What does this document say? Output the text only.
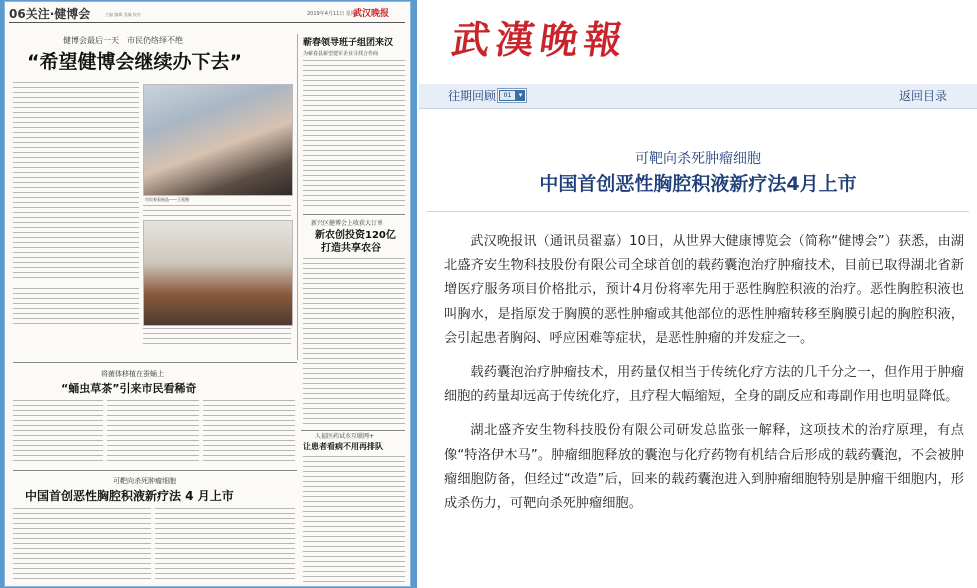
06关注·健博会	主编 编辑 美编 校对	2019年4月11日 星期四
武汉晚报
健博会最后一天　市民仍络绎不绝
“希望健博会继续办下去”
市民观看展品——王延摄
蕲春领导班子组团来汉
为蕲春县新型建军企业寻找合作商
新兴区健博会上收获大订单
新农创投资120亿
打造共享农谷
将菌体移植在蚕蛹上
“蛹虫草茶”引来市民看稀奇
人福医药试水互联网+
让患者看病不用再排队
可靶向杀死肿瘤细胞
中国首创恶性胸腔积液新疗法 4 月上市
武漢晚報
往期回顾	01	▾	返回目录
可靶向杀死肿瘤细胞
中国首创恶性胸腔积液新疗法4月上市

武汉晚报讯（通讯员翟嘉）10日，从世界大健康博览会（简称“健博会”）获悉，由湖北盛齐安生物科技股份有限公司全球首创的载药囊泡治疗肿瘤技术，目前已取得湖北省新增医疗服务项目价格批示，预计4月份将率先用于恶性胸腔积液的治疗。恶性胸腔积液也叫胸水，是指原发于胸膜的恶性肿瘤或其他部位的恶性肿瘤转移至胸膜引起的胸腔积液，会引起患者胸闷、呼应困难等症状，是恶性肿瘤的并发症之一。

载药囊泡治疗肿瘤技术，用药量仅相当于传统化疗方法的几千分之一，但作用于肿瘤细胞的药量却远高于传统化疗，且疗程大幅缩短，全身的副反应和毒副作用也明显降低。

湖北盛齐安生物科技股份有限公司研发总监张一解释，这项技术的治疗原理，有点像“特洛伊木马”。肿瘤细胞释放的囊泡与化疗药物有机结合后形成的载药囊泡，不会被肿瘤细胞防备，但经过“改造”后，回来的载药囊泡进入到肿瘤细胞特别是肿瘤干细胞内，形成杀伤力，可靶向杀死肿瘤细胞。
